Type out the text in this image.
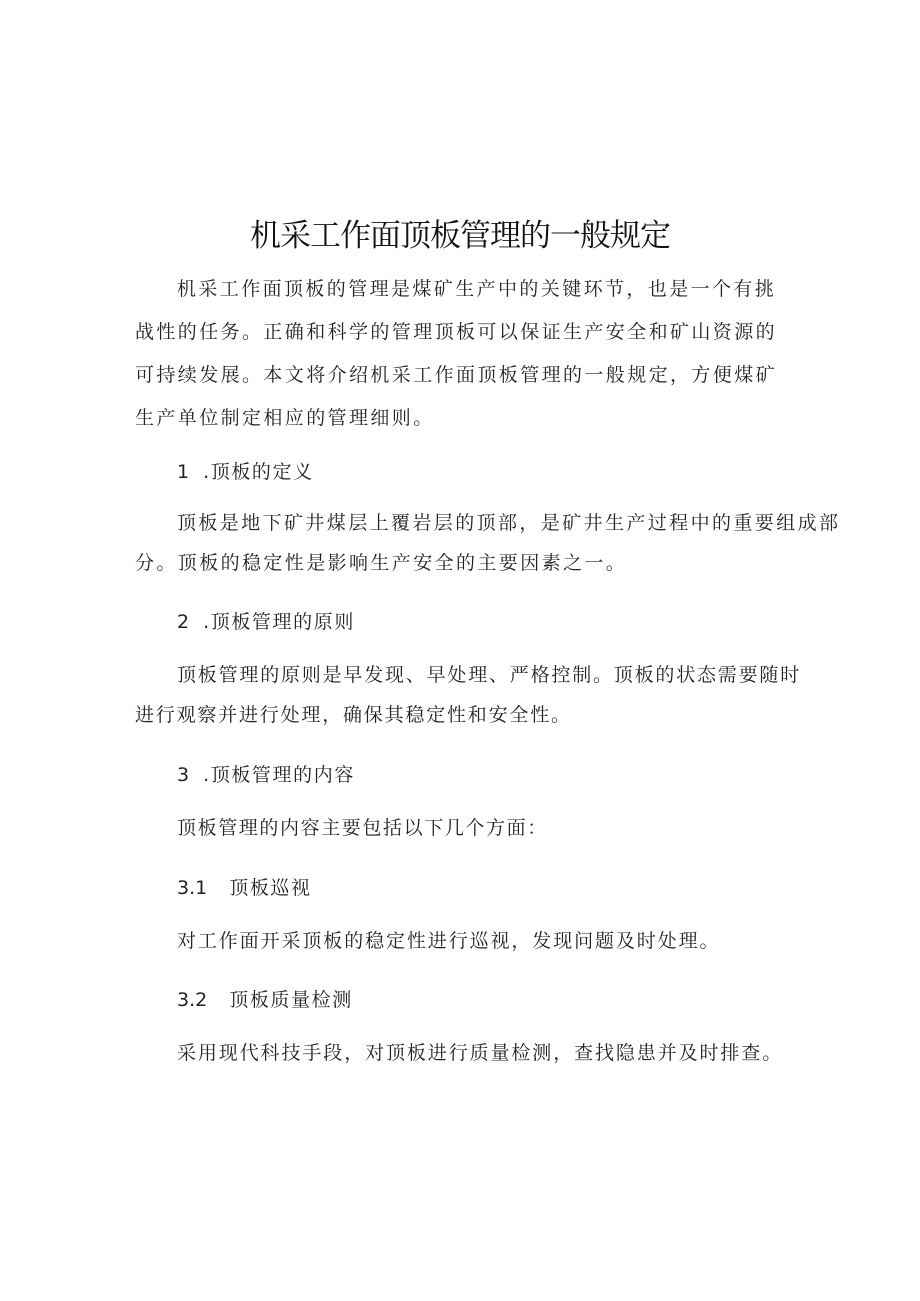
机采工作面顶板管理的一般规定

机采工作面顶板的管理是煤矿生产中的关键环节，也是一个有挑战性的任务。正确和科学的管理顶板可以保证生产安全和矿山资源的可持续发展。本文将介绍机采工作面顶板管理的一般规定，方便煤矿生产单位制定相应的管理细则。

1 .顶板的定义
顶板是地下矿井煤层上覆岩层的顶部，是矿井生产过程中的重要组成部
分。顶板的稳定性是影响生产安全的主要因素之一。
2 .顶板管理的原则
顶板管理的原则是早发现、早处理、严格控制。顶板的状态需要随时
进行观察并进行处理，确保其稳定性和安全性。
3 .顶板管理的内容
顶板管理的内容主要包括以下几个方面：
3.1 顶板巡视
对工作面开采顶板的稳定性进行巡视，发现问题及时处理。
3.2 顶板质量检测
采用现代科技手段，对顶板进行质量检测，查找隐患并及时排查。
